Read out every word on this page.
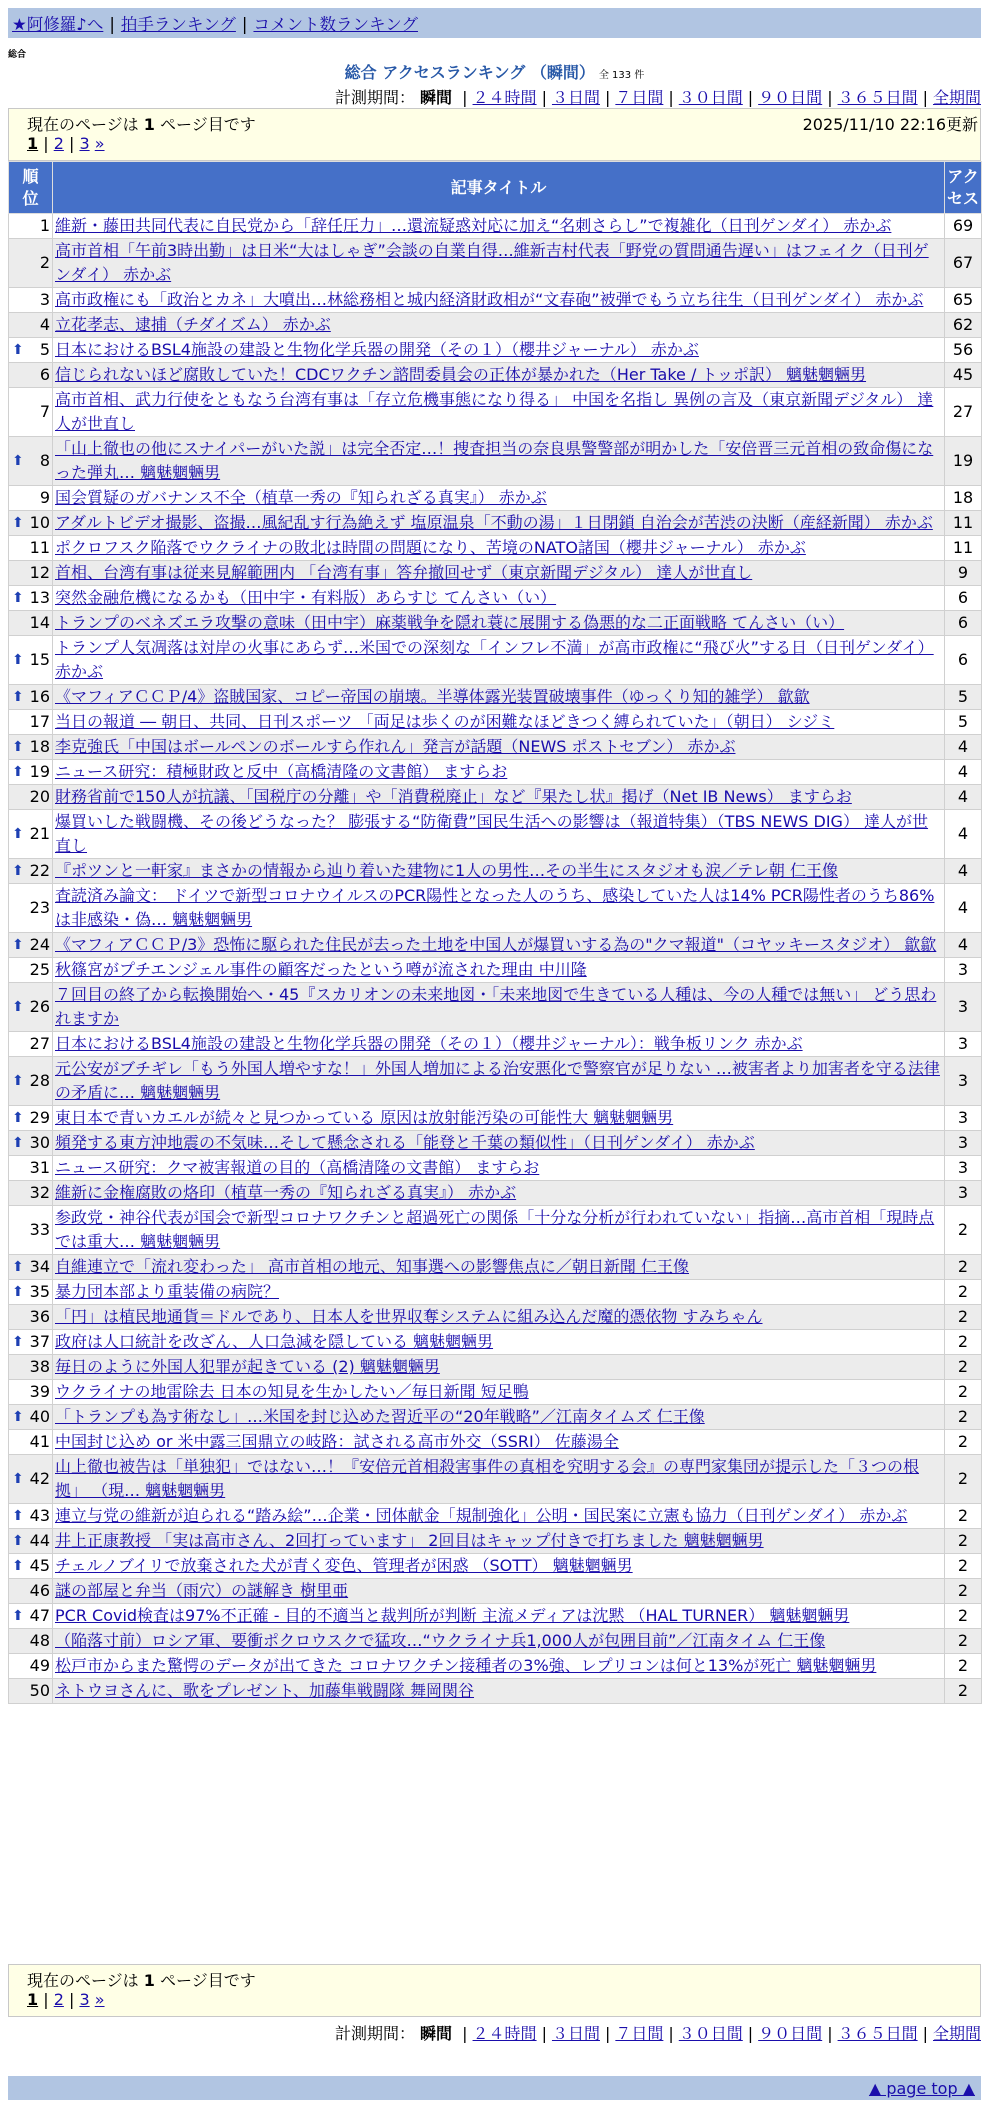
★阿修羅♪へ | 拍手ランキング | コメント数ランキング
総合
総合 アクセスランキング （瞬間） 全 133 件
計測期間： 瞬間 | ２４時間 | ３日間 | ７日間 | ３０日間 | ９０日間 | ３６５日間 | 全期間
現在のページは 1 ページ目です	2025/11/10 22:16更新
1 | 2 | 3 »
順
位	記事タイトル	アク
セス
1	維新・藤田共同代表に自民党から「辞任圧力」…還流疑惑対応に加え“名刺さらし”で複雑化（日刊ゲンダイ） 赤かぶ	69
2	高市首相「午前3時出勤」は日米“大はしゃぎ”会談の自業自得…維新吉村代表「野党の質問通告遅い」はフェイク（日刊ゲンダイ） 赤かぶ	67
3	高市政権にも「政治とカネ」大噴出…林総務相と城内経済財政相が“文春砲”被弾でもう立ち往生（日刊ゲンダイ） 赤かぶ	65
4	立花孝志、逮捕（チダイズム） 赤かぶ	62

⬆ 5	日本におけるBSL4施設の建設と生物化学兵器の開発（その１）（櫻井ジャーナル） 赤かぶ	56
6	信じられないほど腐敗していた！CDCワクチン諮問委員会の正体が暴かれた（Her Take / トッポ訳） 魑魅魍魎男	45
7	高市首相、武力行使をともなう台湾有事は「存立危機事態になり得る」 中国を名指し 異例の言及（東京新聞デジタル） 達人が世直し	27

⬆ 8	「山上徹也の他にスナイパーがいた説」は完全否定…！捜査担当の奈良県警警部が明かした「安倍晋三元首相の致命傷になった弾丸… 魑魅魍魎男	19
9	国会質疑のガバナンス不全（植草一秀の『知られざる真実』） 赤かぶ	18

⬆ 10	アダルトビデオ撮影、盗撮…風紀乱す行為絶えず 塩原温泉「不動の湯」１日閉鎖 自治会が苦渋の決断（産経新聞） 赤かぶ	11
11	ポクロフスク陥落でウクライナの敗北は時間の問題になり、苦境のNATO諸国（櫻井ジャーナル） 赤かぶ	11
12	首相、台湾有事は従来見解範囲内 「台湾有事」答弁撤回せず（東京新聞デジタル） 達人が世直し	9

⬆ 13	突然金融危機になるかも（田中宇・有料版）あらすじ てんさい（い）	6
14	トランプのベネズエラ攻撃の意味（田中宇）麻薬戦争を隠れ蓑に展開する偽悪的な二正面戦略 てんさい（い）	6

⬆ 15	トランプ人気凋落は対岸の火事にあらず…米国での深刻な「インフレ不満」が高市政権に“飛び火”する日（日刊ゲンダイ） 赤かぶ	6

⬆ 16	《マフィアＣＣＰ/4》盗賊国家、コピー帝国の崩壊。半導体露光装置破壊事件（ゆっくり知的雑学） 歙歙	5
17	当日の報道 ― 朝日、共同、日刊スポーツ 「両足は歩くのが困難なほどきつく縛られていた」（朝日） シジミ	5

⬆ 18	李克強氏「中国はボールペンのボールすら作れん」発言が話題（NEWS ポストセブン） 赤かぶ	4

⬆ 19	ニュース研究：積極財政と反中（高橋清隆の文書館） ますらお	4
20	財務省前で150人が抗議、「国税庁の分離」や「消費税廃止」など『果たし状』掲げ（Net IB News） ますらお	4

⬆ 21	爆買いした戦闘機、その後どうなった？ 膨張する“防衛費”国民生活への影響は（報道特集）（TBS NEWS DIG） 達人が世直し	4

⬆ 22	『ポツンと一軒家』まさかの情報から辿り着いた建物に1人の男性…その半生にスタジオも涙／テレ朝 仁王像	4
23	査読済み論文： ドイツで新型コロナウイルスのPCR陽性となった人のうち、感染していた人は14% PCR陽性者のうち86%は非感染・偽… 魑魅魍魎男	4

⬆ 24	《マフィアＣＣＰ/3》恐怖に駆られた住民が去った土地を中国人が爆買いする為の"クマ報道"（コヤッキースタジオ） 歙歙	4
25	秋篠宮がプチエンジェル事件の顧客だったという噂が流された理由 中川隆	3

⬆ 26	７回目の終了から転換開始へ・45『スカリオンの未来地図・「未来地図で生きている人種は、今の人種では無い」 どう思われますか	3
27	日本におけるBSL4施設の建設と生物化学兵器の開発（その１）（櫻井ジャーナル）：戦争板リンク 赤かぶ	3

⬆ 28	元公安がブチギレ「もう外国人増やすな！」外国人増加による治安悪化で警察官が足りない …被害者より加害者を守る法律の矛盾に… 魑魅魍魎男	3

⬆ 29	東日本で青いカエルが続々と見つかっている 原因は放射能汚染の可能性大 魑魅魍魎男	3

⬆ 30	頻発する東方沖地震の不気味…そして懸念される「能登と千葉の類似性」（日刊ゲンダイ） 赤かぶ	3
31	ニュース研究：クマ被害報道の目的（高橋清隆の文書館） ますらお	3
32	維新に金権腐敗の烙印（植草一秀の『知られざる真実』） 赤かぶ	3
33	参政党・神谷代表が国会で新型コロナワクチンと超過死亡の関係「十分な分析が行われていない」指摘…高市首相「現時点では重大… 魑魅魍魎男	2

⬆ 34	自維連立で「流れ変わった」 高市首相の地元、知事選への影響焦点に／朝日新聞 仁王像	2

⬆ 35	暴力団本部より重装備の病院？	2
36	「円」は植民地通貨＝ドルであり、日本人を世界収奪システムに組み込んだ魔的憑依物 すみちゃん	2

⬆ 37	政府は人口統計を改ざん、人口急減を隠している 魑魅魍魎男	2
38	毎日のように外国人犯罪が起きている (2) 魑魅魍魎男	2
39	ウクライナの地雷除去 日本の知見を生かしたい／毎日新聞 短足鴨	2

⬆ 40	「トランプも為す術なし」…米国を封じ込めた習近平の“20年戦略”／江南タイムズ 仁王像	2
41	中国封じ込め or 米中露三国鼎立の岐路：試される高市外交（SSRI） 佐藤湯全	2

⬆ 42	山上徹也被告は「単独犯」ではない…！『安倍元首相殺害事件の真相を究明する会』の専門家集団が提示した「３つの根拠」 （現… 魑魅魍魎男	2

⬆ 43	連立与党の維新が迫られる“踏み絵”…企業・団体献金「規制強化」公明・国民案に立憲も協力（日刊ゲンダイ） 赤かぶ	2

⬆ 44	井上正康教授 「実は高市さん、2回打っています」 2回目はキャップ付きで打ちました 魑魅魍魎男	2

⬆ 45	チェルノブイリで放棄された犬が青く変色、管理者が困惑 （SOTT） 魑魅魍魎男	2
46	謎の部屋と弁当（雨穴）の謎解き 樹里亜	2

⬆ 47	PCR Covid検査は97%不正確 - 目的不適当と裁判所が判断 主流メディアは沈黙 （HAL TURNER） 魑魅魍魎男	2
48	（陥落寸前）ロシア軍、要衝ポクロウスクで猛攻…“ウクライナ兵1,000人が包囲目前”／江南タイム 仁王像	2
49	松戸市からまた驚愕のデータが出てきた コロナワクチン接種者の3%強、レプリコンは何と13%が死亡 魑魅魍魎男	2
50	ネトウヨさんに、歌をプレゼント、加藤隼戦闘隊 舞岡関谷	2
現在のページは 1 ページ目です
1 | 2 | 3 »
計測期間： 瞬間 | ２４時間 | ３日間 | ７日間 | ３０日間 | ９０日間 | ３６５日間 | 全期間
▲ page top ▲
